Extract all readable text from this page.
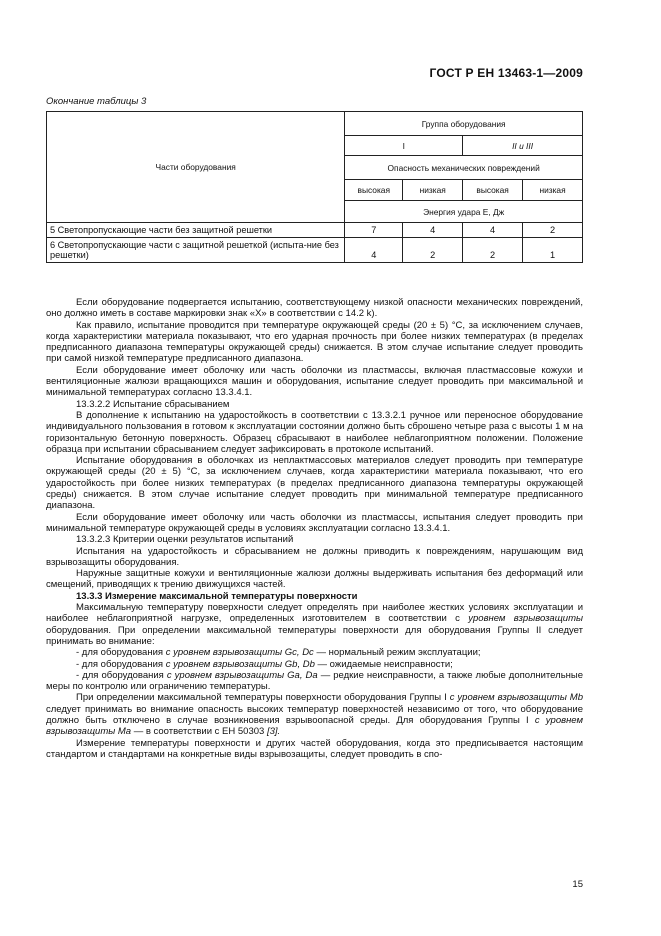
ГОСТ Р ЕН 13463-1—2009
Окончание таблицы 3
Части оборудования	Группа оборудования			
	I		II и III	
	Опасность механических повреждений			
	высокая	низкая	высокая	низкая
	Энергия удара Е, Дж			
5 Светопропускающие части без защитной решетки	7	4	4	2
6 Светопропускающие части с защитной решеткой (испыта-ние без решетки)	4	2	2	1

Если оборудование подвергается испытанию, соответствующему низкой опасности механических повреждений, оно должно иметь в составе маркировки знак «X» в соответствии с 14.2 k).

Как правило, испытание проводится при температуре окружающей среды (20 ± 5) °С, за исключением случаев, когда характеристики материала показывают, что его ударная прочность при более низких температурах (в пределах предписанного диапазона температуры окружающей среды) снижается. В этом случае испытание следует проводить при самой низкой температуре предписанного диапазона.

Если оборудование имеет оболочку или часть оболочки из пластмассы, включая пластмассовые кожухи и вентиляционные жалюзи вращающихся машин и оборудования, испытание следует проводить при максимальной и минимальной температурах согласно 13.3.4.1.

13.3.2.2 Испытание сбрасыванием

В дополнение к испытанию на ударостойкость в соответствии с 13.3.2.1 ручное или переносное оборудование индивидуального пользования в готовом к эксплуатации состоянии должно быть сброшено четыре раза с высоты 1 м на горизонтальную бетонную поверхность. Образец сбрасывают в наиболее неблагоприятном положении. Положение образца при испытании сбрасыванием следует зафиксировать в протоколе испытаний.

Испытание оборудования в оболочках из неплактмассовых материалов следует проводить при температуре окружающей среды (20 ± 5) °С, за исключением случаев, когда характеристики материала показывают, что его ударостойкость при более низких температурах (в пределах предписанного диапазона температуры окружающей среды) снижается. В этом случае испытание следует проводить при минимальной температуре предписанного диапазона.

Если оборудование имеет оболочку или часть оболочки из пластмассы, испытания следует проводить при минимальной температуре окружающей среды в условиях эксплуатации согласно 13.3.4.1.

13.3.2.3 Критерии оценки результатов испытаний

Испытания на ударостойкость и сбрасыванием не должны приводить к повреждениям, нарушающим вид взрывозащиты оборудования.

Наружные защитные кожухи и вентиляционные жалюзи должны выдерживать испытания без деформаций или смещений, приводящих к трению движущихся частей.

13.3.3 Измерение максимальной температуры поверхности

Максимальную температуру поверхности следует определять при наиболее жестких условиях эксплуатации и наиболее неблагоприятной нагрузке, определенных изготовителем в соответствии с уровнем взрывозащиты оборудования. При определении максимальной температуры поверхности для оборудования Группы II следует принимать во внимание:

- для оборудования с уровнем взрывозащиты Gc, Dc — нормальный режим эксплуатации;

- для оборудования с уровнем взрывозащиты Gb, Db — ожидаемые неисправности;

- для оборудования с уровнем взрывозащиты Ga, Da — редкие неисправности, а также любые дополнительные меры по контролю или ограничению температуры.

При определении максимальной температуры поверхности оборудования Группы I с уровнем взрывозащиты Mb следует принимать во внимание опасность высоких температур поверхностей независимо от того, что оборудование должно быть отключено в случае возникновения взрывоопасной среды. Для оборудования Группы I с уровнем взрывозащиты Ma — в соответствии с ЕН 50303 [3].

Измерение температуры поверхности и других частей оборудования, когда это предписывается настоящим стандартом и стандартами на конкретные виды взрывозащиты, следует проводить в спо-

15
